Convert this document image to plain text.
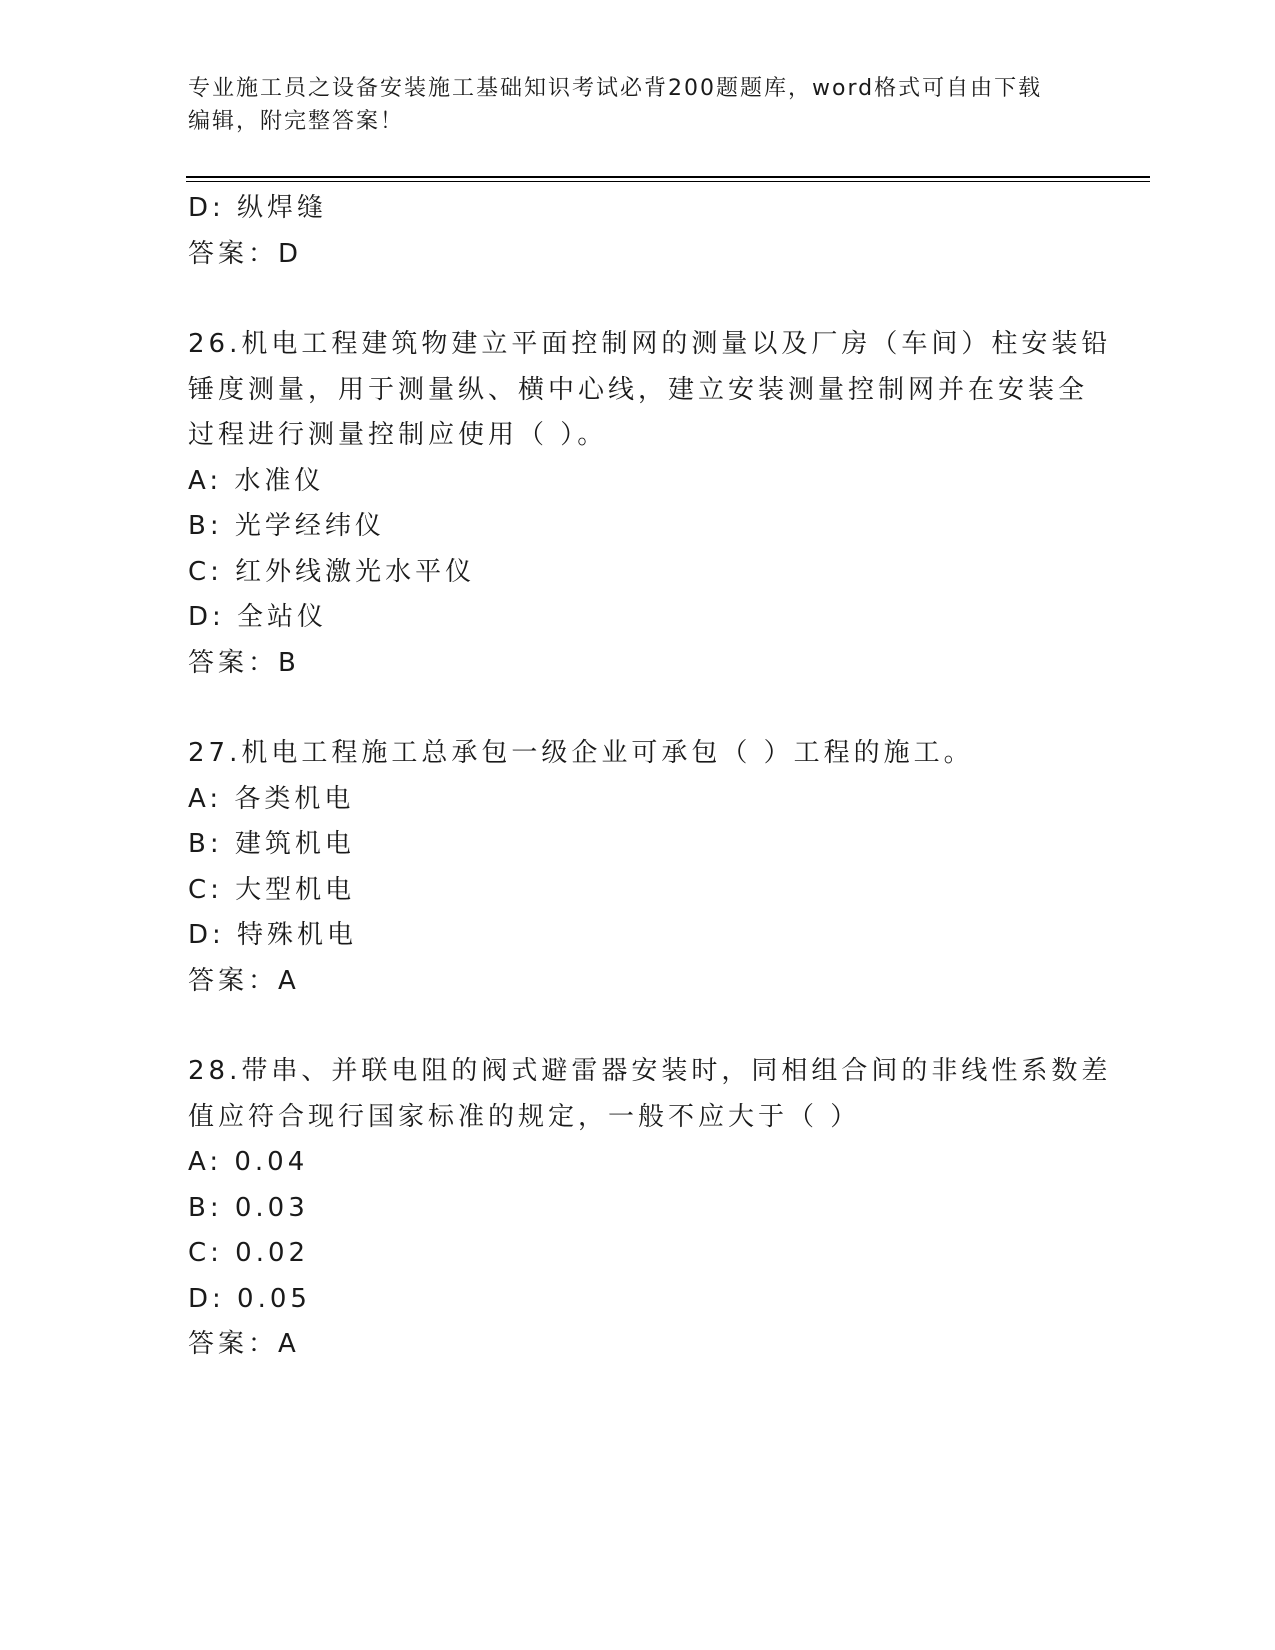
专业施工员之设备安装施工基础知识考试必背200题题库，word格式可自由下载
编辑，附完整答案！
D: 纵焊缝
答案：D
26.机电工程建筑物建立平面控制网的测量以及厂房（车间）柱安装铅
锤度测量，用于测量纵、横中心线，建立安装测量控制网并在安装全
过程进行测量控制应使用（ ）。
A: 水准仪
B: 光学经纬仪
C: 红外线激光水平仪
D: 全站仪
答案：B
27.机电工程施工总承包一级企业可承包（ ）工程的施工。
A: 各类机电
B: 建筑机电
C: 大型机电
D: 特殊机电
答案：A
28.带串、并联电阻的阀式避雷器安装时，同相组合间的非线性系数差
值应符合现行国家标准的规定，一般不应大于（ ）
A: 0.04
B: 0.03
C: 0.02
D: 0.05
答案：A
